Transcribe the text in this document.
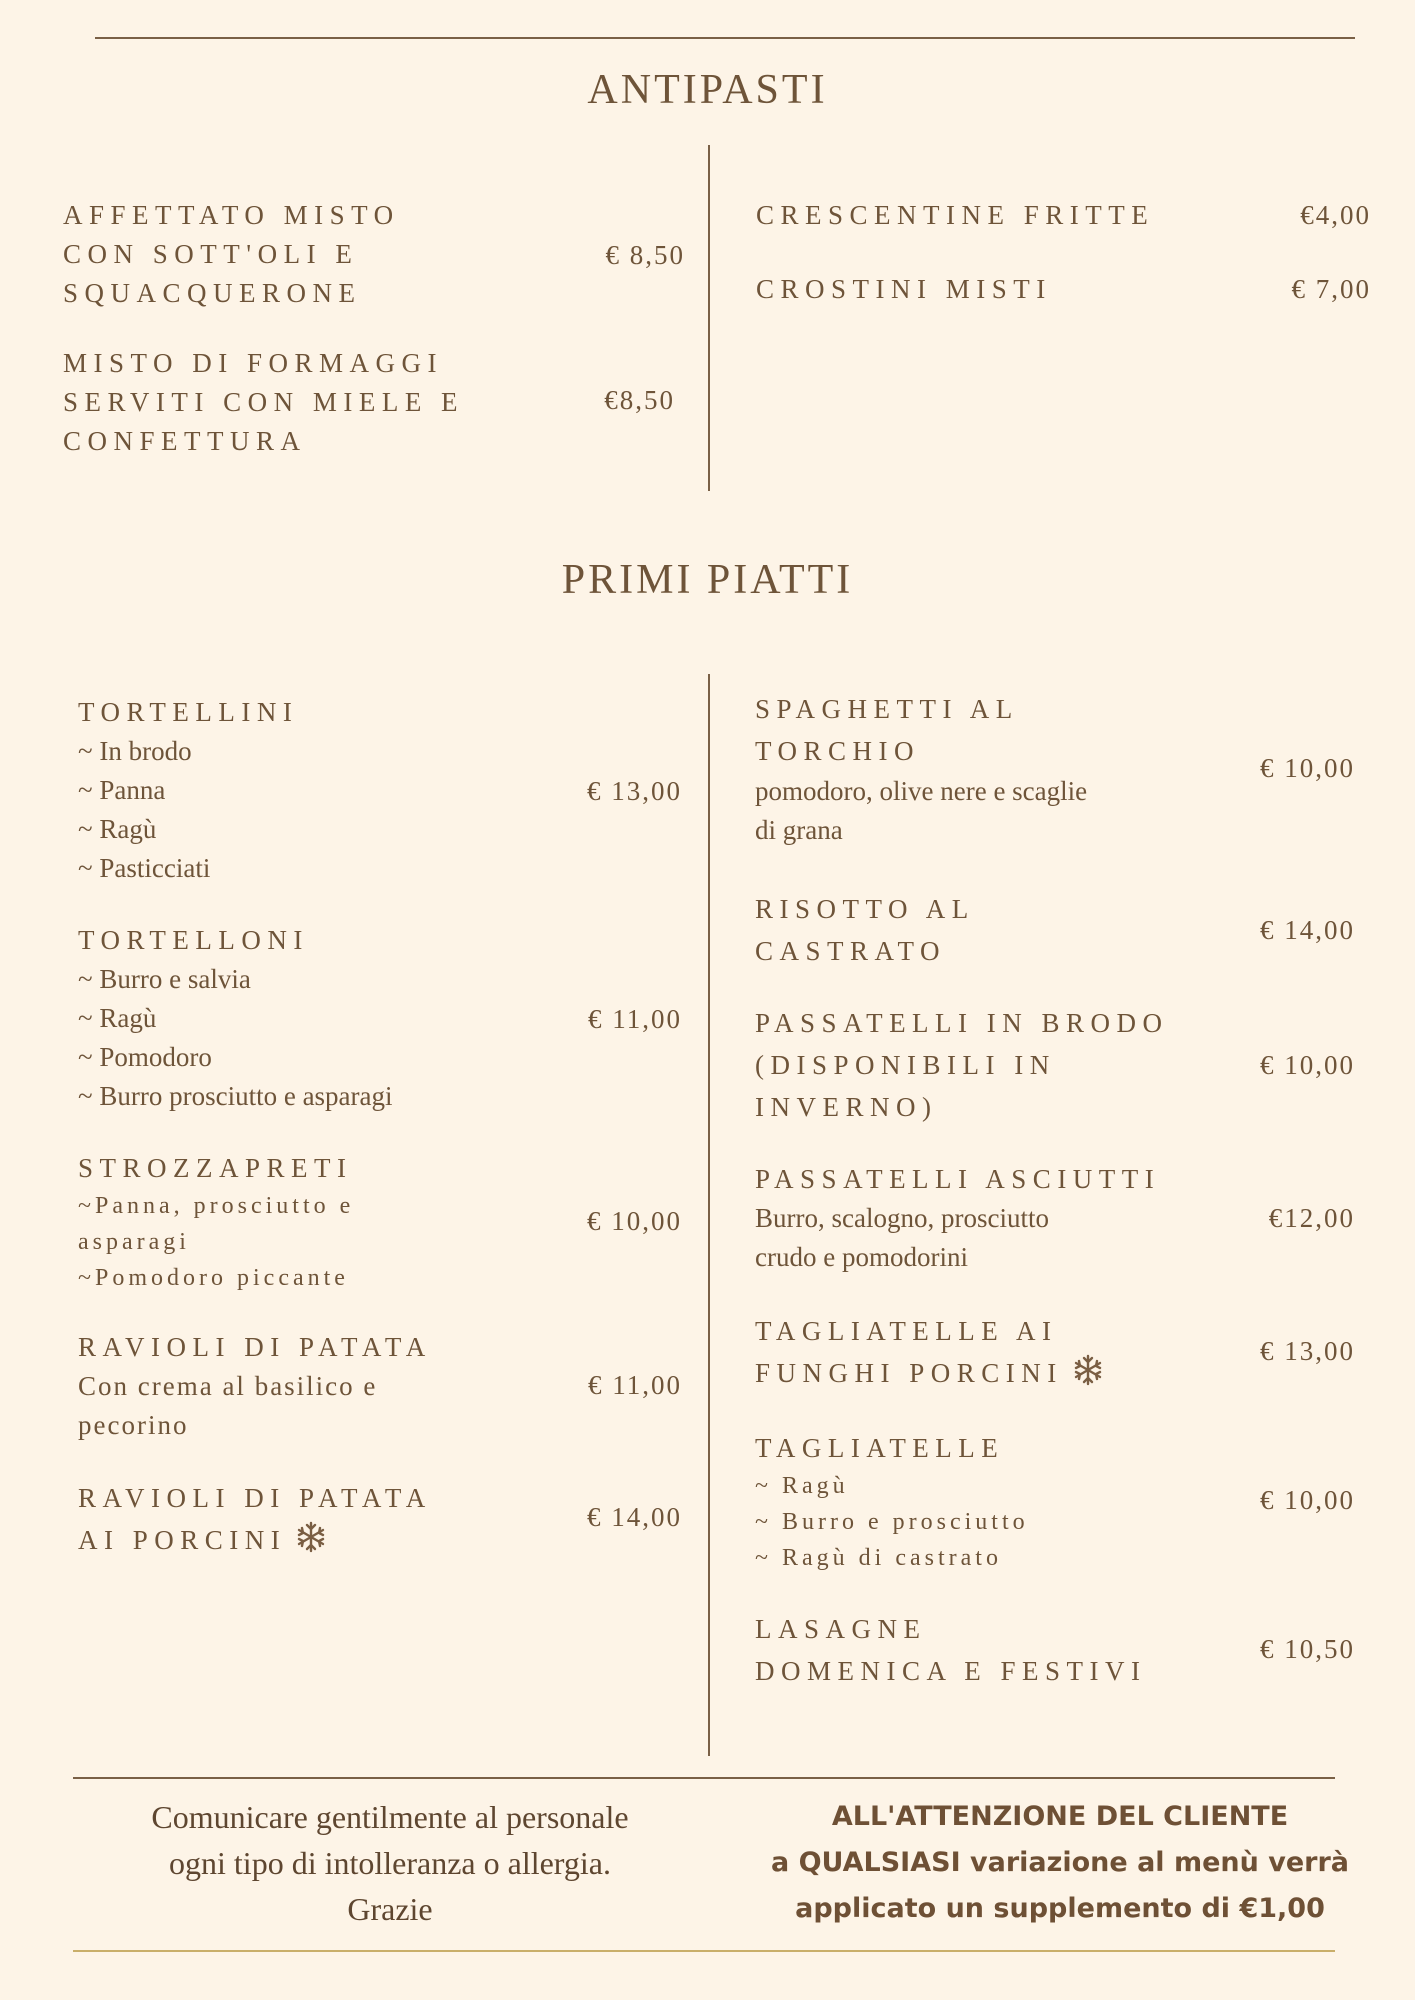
ANTIPASTI
AFFETTATO MISTO
CON SOTT'OLI E
SQUACQUERONE
€ 8,50
MISTO DI FORMAGGI
SERVITI CON MIELE E
CONFETTURA
€8,50
CRESCENTINE FRITTE	€4,00
CROSTINI MISTI	€ 7,00
PRIMI PIATTI
TORTELLINI
~ In brodo
~ Panna
~ Ragù
~ Pasticciati
€ 13,00
TORTELLONI
~ Burro e salvia
~ Ragù
~ Pomodoro
~ Burro prosciutto e asparagi
€ 11,00
STROZZAPRETI
~Panna, prosciutto e
asparagi
~Pomodoro piccante
€ 10,00
RAVIOLI DI PATATA
Con crema al basilico e
pecorino
€ 11,00
RAVIOLI DI PATATA
AI PORCINI
€ 14,00
SPAGHETTI AL
TORCHIO
pomodoro, olive nere e scaglie
di grana
€ 10,00
RISOTTO AL
CASTRATO
€ 14,00
PASSATELLI IN BRODO
(DISPONIBILI IN
INVERNO)
€ 10,00
PASSATELLI ASCIUTTI
Burro, scalogno, prosciutto
crudo e pomodorini
€12,00
TAGLIATELLE AI
FUNGHI PORCINI
€ 13,00
TAGLIATELLE
~ Ragù
~ Burro e prosciutto
~ Ragù di castrato
€ 10,00
LASAGNE
DOMENICA E FESTIVI
€ 10,50
Comunicare gentilmente al personale
ogni tipo di intolleranza o allergia.
Grazie
ALL'ATTENZIONE DEL CLIENTE
a QUALSIASI variazione al menù verrà
applicato un supplemento di €1,00
